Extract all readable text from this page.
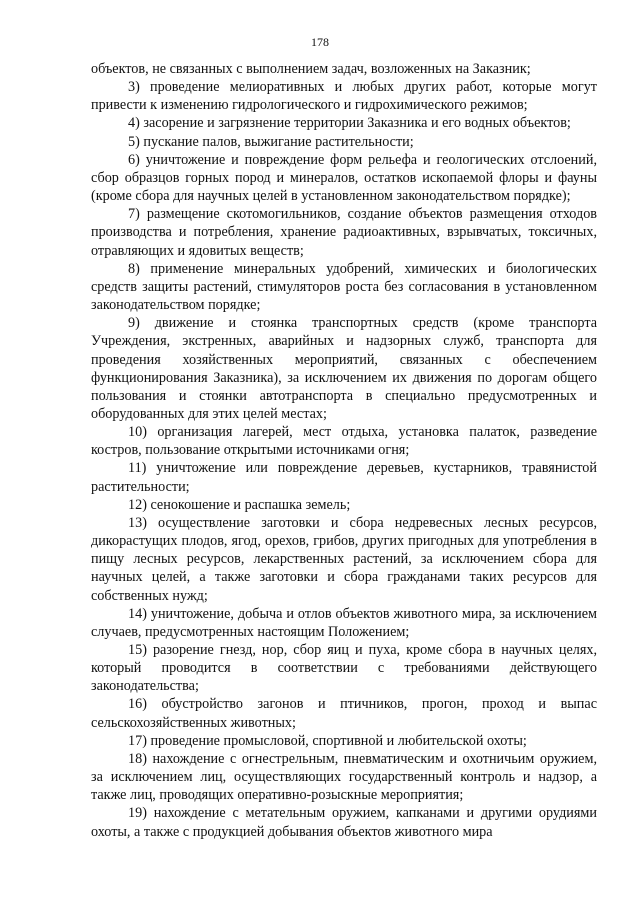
178

объектов, не связанных с выполнением задач, возложенных на Заказник;

3) проведение мелиоративных и любых других работ, которые могут привести к изменению гидрологического и гидрохимического режимов;

4) засорение и загрязнение территории Заказника и его водных объектов;

5) пускание палов, выжигание растительности;

6) уничтожение и повреждение форм рельефа и геологических отслоений, сбор образцов горных пород и минералов, остатков ископаемой флоры и фауны (кроме сбора для научных целей в установленном законодательством порядке);

7) размещение скотомогильников, создание объектов размещения отходов производства и потребления, хранение радиоактивных, взрывчатых, токсичных, отравляющих и ядовитых веществ;

8) применение минеральных удобрений, химических и биологических средств защиты растений, стимуляторов роста без согласования в установленном законодательством порядке;

9) движение и стоянка транспортных средств (кроме транспорта Учреждения, экстренных, аварийных и надзорных служб, транспорта для проведения хозяйственных мероприятий, связанных с обеспечением функционирования Заказника), за исключением их движения по дорогам общего пользования и стоянки автотранспорта в специально предусмотренных и оборудованных для этих целей местах;

10) организация лагерей, мест отдыха, установка палаток, разведение костров, пользование открытыми источниками огня;

11) уничтожение или повреждение деревьев, кустарников, травянистой растительности;

12) сенокошение и распашка земель;

13) осуществление заготовки и сбора недревесных лесных ресурсов, дикорастущих плодов, ягод, орехов, грибов, других пригодных для употребления в пищу лесных ресурсов, лекарственных растений, за исключением сбора для научных целей, а также заготовки и сбора гражданами таких ресурсов для собственных нужд;

14) уничтожение, добыча и отлов объектов животного мира, за исключением случаев, предусмотренных настоящим Положением;

15) разорение гнезд, нор, сбор яиц и пуха, кроме сбора в научных целях, который проводится в соответствии с требованиями действующего законодательства;

16) обустройство загонов и птичников, прогон, проход и выпас сельскохозяйственных животных;

17) проведение промысловой, спортивной и любительской охоты;

18) нахождение с огнестрельным, пневматическим и охотничьим оружием, за исключением лиц, осуществляющих государственный контроль и надзор, а также лиц, проводящих оперативно-розыскные мероприятия;

19) нахождение с метательным оружием, капканами и другими орудиями охоты, а также с продукцией добывания объектов животного мира
